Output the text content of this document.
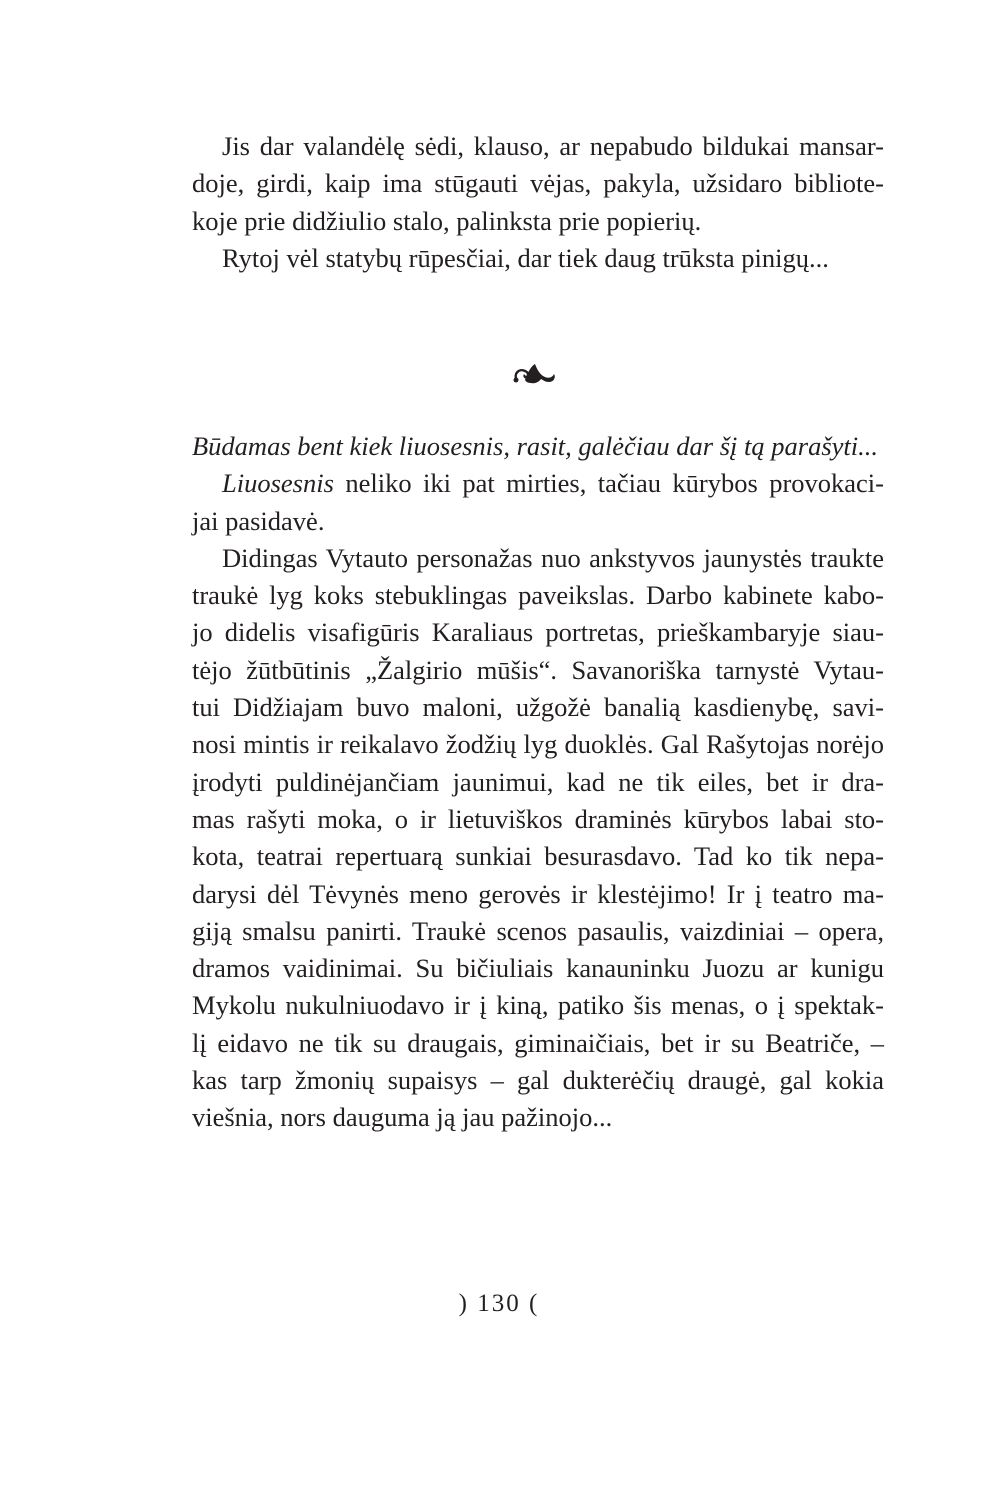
Jis dar valandėlę sėdi, klauso, ar nepabudo bildukai mansar-
doje, girdi, kaip ima stūgauti vėjas, pakyla, užsidaro bibliote-
koje prie didžiulio stalo, palinksta prie popierių.
Rytoj vėl statybų rūpesčiai, dar tiek daug trūksta pinigų...
Būdamas bent kiek liuosesnis, rasit, galėčiau dar šį tą parašyti...
Liuosesnis neliko iki pat mirties, tačiau kūrybos provokaci-
jai pasidavė.
Didingas Vytauto personažas nuo ankstyvos jaunystės traukte
traukė lyg koks stebuklingas paveikslas. Darbo kabinete kabo-
jo didelis visafigūris Karaliaus portretas, prieškambaryje siau-
tėjo žūtbūtinis „Žalgirio mūšis“. Savanoriška tarnystė Vytau-
tui Didžiajam buvo maloni, užgožė banalią kasdienybę, savi-
nosi mintis ir reikalavo žodžių lyg duoklės. Gal Rašytojas norėjo
įrodyti puldinėjančiam jaunimui, kad ne tik eiles, bet ir dra-
mas rašyti moka, o ir lietuviškos draminės kūrybos labai sto-
kota, teatrai repertuarą sunkiai besurasdavo. Tad ko tik nepa-
darysi dėl Tėvynės meno gerovės ir klestėjimo! Ir į teatro ma-
giją smalsu panirti. Traukė scenos pasaulis, vaizdiniai – opera,
dramos vaidinimai. Su bičiuliais kanauninku Juozu ar kunigu
Mykolu nukulniuodavo ir į kiną, patiko šis menas, o į spektak-
lį eidavo ne tik su draugais, giminaičiais, bet ir su Beatriče, –
kas tarp žmonių supaisys – gal dukterėčių draugė, gal kokia
viešnia, nors dauguma ją jau pažinojo...
) 130 (
